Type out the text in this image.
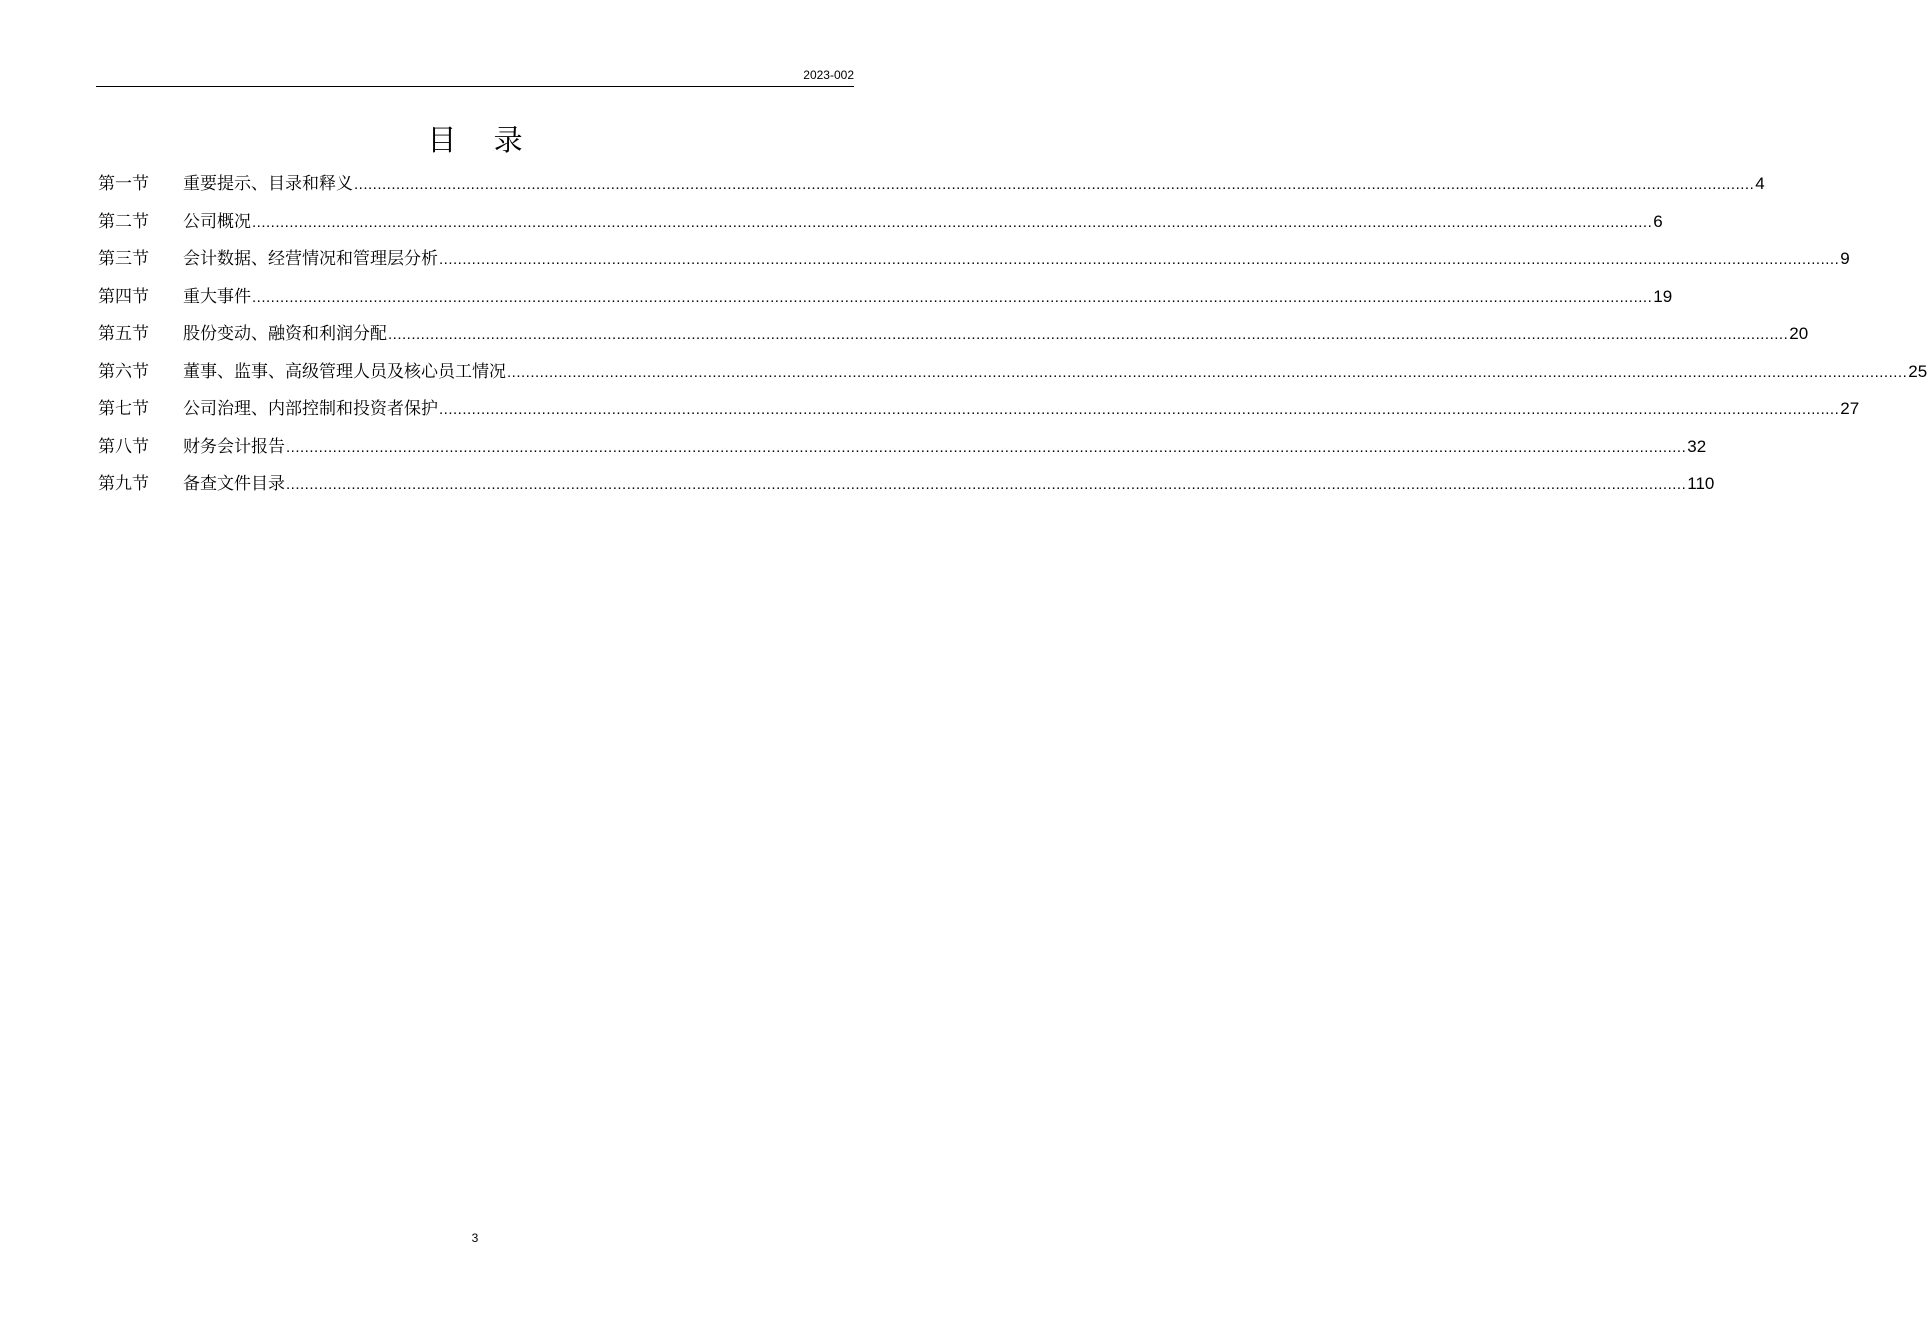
2023-002
目 录
第一节	重要提示、目录和释义 ............................................................................................................................................................................................................................................................................................................ 4
第二节	公司概况 ............................................................................................................................................................................................................................................................................................................ 6
第三节	会计数据、经营情况和管理层分析 ............................................................................................................................................................................................................................................................................................................ 9
第四节	重大事件 ............................................................................................................................................................................................................................................................................................................ 19
第五节	股份变动、融资和利润分配 ............................................................................................................................................................................................................................................................................................................ 20
第六节	董事、监事、高级管理人员及核心员工情况 ............................................................................................................................................................................................................................................................................................................ 25
第七节	公司治理、内部控制和投资者保护 ............................................................................................................................................................................................................................................................................................................ 27
第八节	财务会计报告 ............................................................................................................................................................................................................................................................................................................ 32
第九节	备查文件目录 ............................................................................................................................................................................................................................................................................................................ 110
3
